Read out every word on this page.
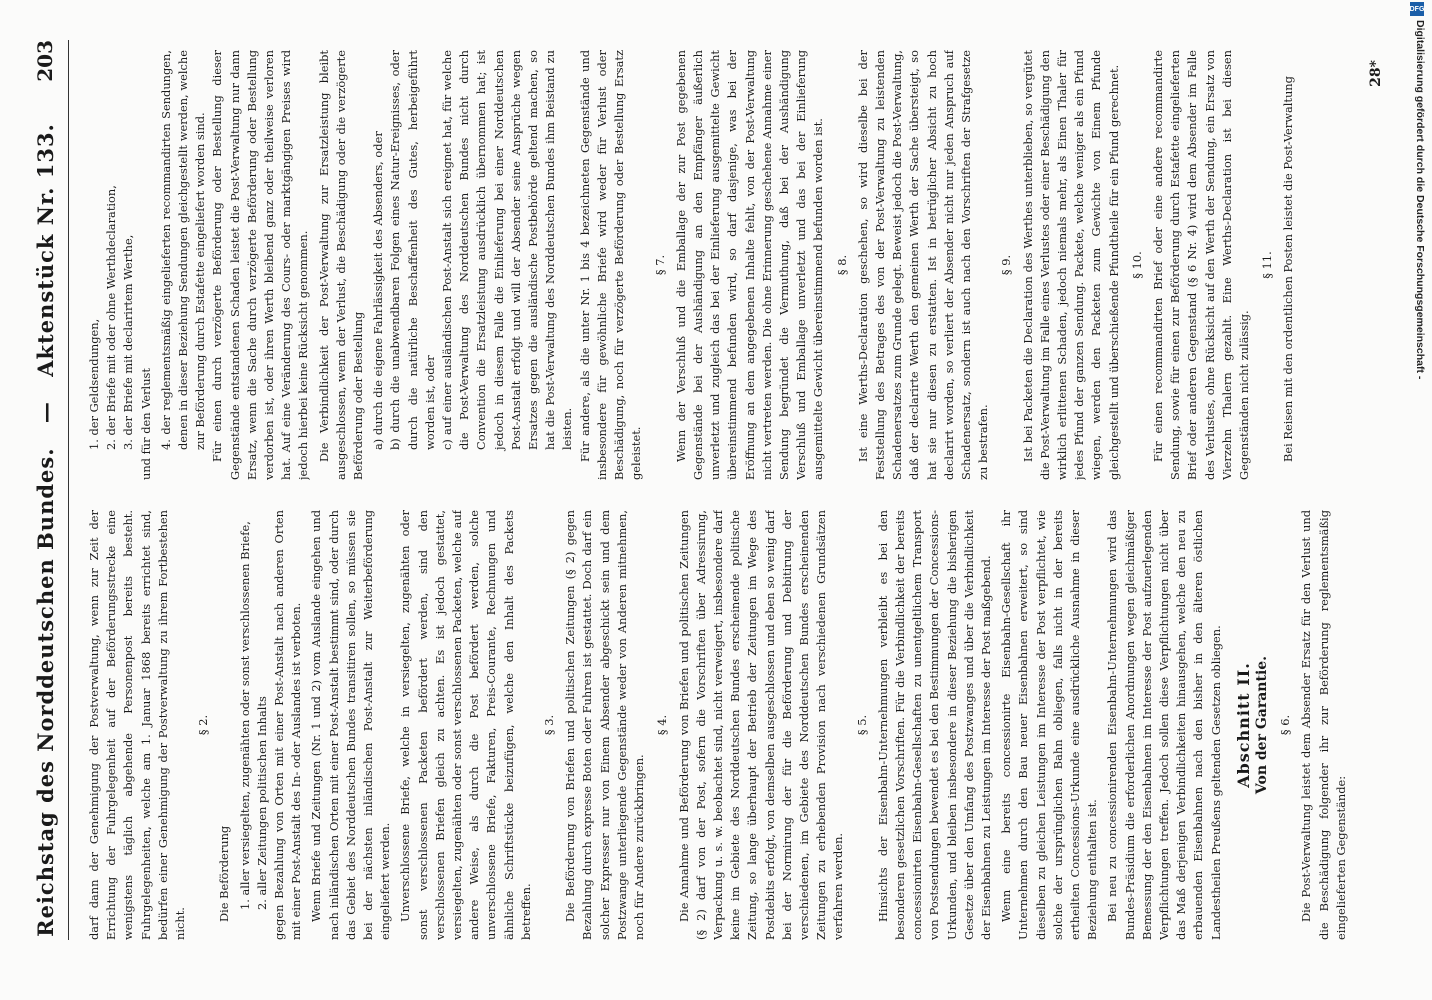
Reichstag des Norddeutschen Bundes. — Aktenstück Nr. 133.
203

darf dann der Genehmigung der Postverwaltung, wenn zur Zeit der Errichtung der Fuhrgelegenheit auf der Beförderungsstrecke eine wenigstens täglich abgehende Personenpost bereits besteht. Fuhrgelegenheiten, welche am 1. Januar 1868 bereits errichtet sind, bedürfen einer Genehmigung der Postverwaltung zu ihrem Fortbestehen nicht.

§ 2.

Die Beförderung 1. aller versiegelten, zugenähten oder sonst verschlossenen Briefe, 2. aller Zeitungen politischen Inhalts gegen Bezahlung von Orten mit einer Post-Anstalt nach anderen Orten mit einer Post-Anstalt des In- oder Auslandes ist verboten. Wenn Briefe und Zeitungen (Nr. 1 und 2) vom Auslande eingehen und nach inländischen Orten mit einer Post-Anstalt bestimmt sind, oder durch das Gebiet des Norddeutschen Bundes transitiren sollen, so müssen sie bei der nächsten inländischen Post-Anstalt zur Weiterbeförderung eingeliefert werden. Unverschlossene Briefe, welche in versiegelten, zugenähten oder sonst verschlossenen Packeten befördert werden, sind den verschlossenen Briefen gleich zu achten. Es ist jedoch gestattet, versiegelten, zugenähten oder sonst verschlossenen Packeten, welche auf andere Weise, als durch die Post befördert werden, solche unverschlossene Briefe, Fakturen, Preis-Courante, Rechnungen und ähnliche Schriftstücke beizufügen, welche den Inhalt des Packets betreffen.

§ 3. Die Beförderung von Briefen und politischen Zeitungen (§ 2) gegen Bezahlung durch expresse Boten oder Fuhren ist gestattet. Doch darf ein solcher Expresser nur von Einem Absender abgeschickt sein und dem Postzwange unterliegende Gegenstände weder von Anderen mitnehmen, noch für Andere zurückbringen.

§ 4. Die Annahme und Beförderung von Briefen und politischen Zeitungen (§ 2) darf von der Post, sofern die Vorschriften über Adressirung, Verpackung u. s. w. beobachtet sind, nicht verweigert, insbesondere darf keine im Gebiete des Norddeutschen Bundes erscheinende politische Zeitung, so lange überhaupt der Betrieb der Zeitungen im Wege des Postdebits erfolgt, von demselben ausgeschlossen und eben so wenig darf bei der Normirung der für die Beförderung und Debitirung der verschiedenen, im Gebiete des Norddeutschen Bundes erscheinenden Zeitungen zu erhebenden Provision nach verschiedenen Grundsätzen verfahren werden.

§ 5. Hinsichts der Eisenbahn-Unternehmungen verbleibt es bei den besonderen gesetzlichen Vorschriften. Für die Verbindlichkeit der bereits concessionirten Eisenbahn-Gesellschaften zu unentgeltlichem Transport von Postsendungen bewendet es bei den Bestimmungen der Concessions-Urkunden, und bleiben insbesondere in dieser Beziehung die bisherigen Gesetze über den Umfang des Postzwanges und über die Verbindlichkeit der Eisenbahnen zu Leistungen im Interesse der Post maßgebend. Wenn eine bereits concessionirte Eisenbahn-Gesellschaft ihr Unternehmen durch den Bau neuer Eisenbahnen erweitert, so sind dieselben zu gleichen Leistungen im Interesse der Post verpflichtet, wie solche der ursprünglichen Bahn obliegen, falls nicht in der bereits ertheilten Concessions-Urkunde eine ausdrückliche Ausnahme in dieser Beziehung enthalten ist. Bei neu zu concessionirenden Eisenbahn-Unternehmungen wird das Bundes-Präsidium die erforderlichen Anordnungen wegen gleichmäßiger Bemessung der den Eisenbahnen im Interesse der Post aufzuerlegenden Verpflichtungen treffen. Jedoch sollen diese Verpflichtungen nicht über das Maß derjenigen Verbindlichkeiten hinausgehen, welche den neu zu erbauenden Eisenbahnen nach den bisher in den älteren östlichen Landestheilen Preußens geltenden Gesetzen obliegen. Abschnitt II. Von der Garantie. § 6. Die Post-Verwaltung leistet dem Absender Ersatz für den Verlust und die Beschädigung folgender ihr zur Beförderung reglementsmäßig eingelieferten Gegenstände:

1. der Geldsendungen, 2. der Briefe mit oder ohne Werthdeclaration, 3. der Briefe mit declarirtem Werthe, und für den Verlust 4. der reglementsmäßig eingelieferten recommandirten Sendungen, denen in dieser Beziehung Sendungen gleichgestellt werden, welche zur Beförderung durch Estafette eingeliefert worden sind. Für einen durch verzögerte Beförderung oder Bestellung dieser Gegenstände entstandenen Schaden leistet die Post-Verwaltung nur dann Ersatz, wenn die Sache durch verzögerte Beförderung oder Bestellung verdorben ist, oder ihren Werth bleibend ganz oder theilweise verloren hat. Auf eine Veränderung des Cours- oder marktgängigen Preises wird jedoch hierbei keine Rücksicht genommen. Die Verbindlichkeit der Post-Verwaltung zur Ersatzleistung bleibt ausgeschlossen, wenn der Verlust, die Beschädigung oder die verzögerte Beförderung oder Bestellung a) durch die eigene Fahrlässigkeit des Absenders, oder b) durch die unabwendbaren Folgen eines Natur-Ereignisses, oder durch die natürliche Beschaffenheit des Gutes, herbeigeführt worden ist, oder c) auf einer ausländischen Post-Anstalt sich ereignet hat, für welche die Post-Verwaltung des Norddeutschen Bundes nicht durch Convention die Ersatzleistung ausdrücklich übernommen hat; ist jedoch in diesem Falle die Einlieferung bei einer Norddeutschen Post-Anstalt erfolgt und will der Absender seine Ansprüche wegen Ersatzes gegen die ausländische Postbehörde geltend machen, so hat die Post-Verwaltung des Norddeutschen Bundes ihm Beistand zu leisten. Für andere, als die unter Nr. 1 bis 4 bezeichneten Gegenstände und insbesondere für gewöhnliche Briefe wird weder für Verlust oder Beschädigung, noch für verzögerte Beförderung oder Bestellung Ersatz geleistet.

§ 7. Wenn der Verschluß und die Emballage der zur Post gegebenen Gegenstände bei der Aushändigung an den Empfänger äußerlich unverletzt und zugleich das bei der Einlieferung ausgemittelte Gewicht übereinstimmend befunden wird, so darf dasjenige, was bei der Eröffnung an dem angegebenen Inhalte fehlt, von der Post-Verwaltung nicht vertreten werden. Die ohne Erinnerung geschehene Annahme einer Sendung begründet die Vermuthung, daß bei der Aushändigung Verschluß und Emballage unverletzt und das bei der Einlieferung ausgemittelte Gewicht übereinstimmend befunden worden ist. § 8. Ist eine Werths-Declaration geschehen, so wird dieselbe bei der Feststellung des Betrages des von der Post-Verwaltung zu leistenden Schadenersatzes zum Grunde gelegt. Beweist jedoch die Post-Verwaltung, daß der declarirte Werth den gemeinen Werth der Sache übersteigt, so hat sie nur diesen zu erstatten. Ist in betrüglicher Absicht zu hoch declarirt worden, so verliert der Absender nicht nur jeden Anspruch auf Schadenersatz, sondern ist auch nach den Vorschriften der Strafgesetze zu bestrafen.

§ 9. Ist bei Packeten die Declaration des Werthes unterblieben, so vergütet die Post-Verwaltung im Falle eines Verlustes oder einer Beschädigung den wirklich erlittenen Schaden, jedoch niemals mehr, als Einen Thaler für jedes Pfund der ganzen Sendung. Packete, welche weniger als ein Pfund wiegen, werden den Packeten zum Gewichte von Einem Pfunde gleichgestellt und überschießende Pfundtheile für ein Pfund gerechnet. § 10. Für einen recommandirten Brief oder eine andere recommandirte Sendung, sowie für einen zur Beförderung durch Estafette eingelieferten Brief oder anderen Gegenstand (§ 6 Nr. 4) wird dem Absender im Falle des Verlustes, ohne Rücksicht auf den Werth der Sendung, ein Ersatz von Vierzehn Thalern gezahlt. Eine Werths-Declaration ist bei diesen Gegenständen nicht zulässig.

§ 11. Bei Reisen mit den ordentlichen Posten leistet die Post-Verwaltung

28*
DFG
Digitalisierung gefördert durch die Deutsche Forschungsgemeinschaft -
